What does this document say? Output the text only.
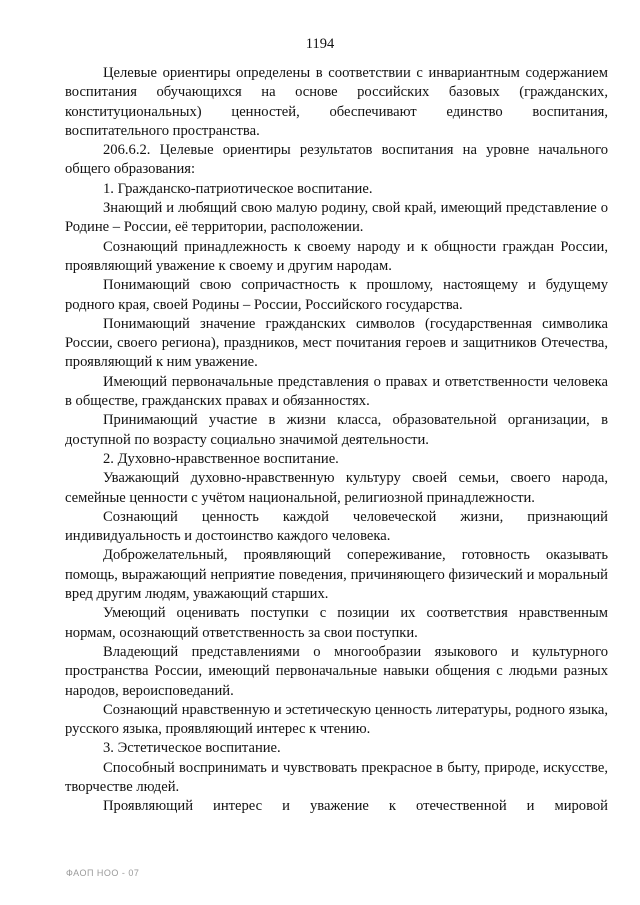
1194

Целевые ориентиры определены в соответствии с инвариантным содержанием воспитания обучающихся на основе российских базовых (гражданских, конституциональных) ценностей, обеспечивают единство воспитания, воспитательного пространства.

206.6.2. Целевые ориентиры результатов воспитания на уровне начального общего образования:

1. Гражданско-патриотическое воспитание.

Знающий и любящий свою малую родину, свой край, имеющий представление о Родине – России, её территории, расположении.

Сознающий принадлежность к своему народу и к общности граждан России, проявляющий уважение к своему и другим народам.

Понимающий свою сопричастность к прошлому, настоящему и будущему родного края, своей Родины – России, Российского государства.

Понимающий значение гражданских символов (государственная символика России, своего региона), праздников, мест почитания героев и защитников Отечества, проявляющий к ним уважение.

Имеющий первоначальные представления о правах и ответственности человека в обществе, гражданских правах и обязанностях.

Принимающий участие в жизни класса, образовательной организации, в доступной по возрасту социально значимой деятельности.

2. Духовно-нравственное воспитание.

Уважающий духовно-нравственную культуру своей семьи, своего народа, семейные ценности с учётом национальной, религиозной принадлежности.

Сознающий ценность каждой человеческой жизни, признающий индивидуальность и достоинство каждого человека.

Доброжелательный, проявляющий сопереживание, готовность оказывать помощь, выражающий неприятие поведения, причиняющего физический и моральный вред другим людям, уважающий старших.

Умеющий оценивать поступки с позиции их соответствия нравственным нормам, осознающий ответственность за свои поступки.

Владеющий представлениями о многообразии языкового и культурного пространства России, имеющий первоначальные навыки общения с людьми разных народов, вероисповеданий.

Сознающий нравственную и эстетическую ценность литературы, родного языка, русского языка, проявляющий интерес к чтению.

3. Эстетическое воспитание.

Способный воспринимать и чувствовать прекрасное в быту, природе, искусстве, творчестве людей.

Проявляющий интерес и уважение к отечественной и мировой

ФАОП НОО - 07
